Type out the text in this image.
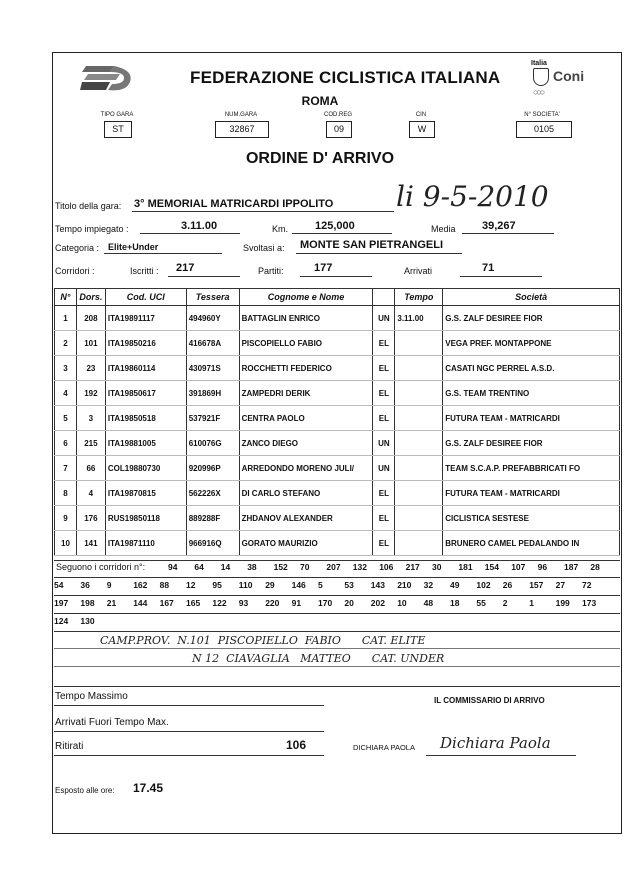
FEDERAZIONE CICLISTICA ITALIANA
ROMA
Italia
Coni
○○○
TIPO GARA
ST
NUM.GARA
32867
COD.REG
09
CIN
W
N° SOCIETA'
0105
ORDINE D' ARRIVO
Titolo della gara: 3° MEMORIAL MATRICARDI IPPOLITO li 9-5-2010
Tempo impiegato :	3.11.00	Km. 125,000	Media 39,267
Categoria : Elite+Under	Svoltasi a: MONTE SAN PIETRANGELI
Corridori :	Iscritti : 217	Partiti:	177	Arrivati	71
N°	Dors.	Cod. UCI	Tessera	Cognome e Nome		Tempo	Società
1	208	ITA19891117	494960Y	BATTAGLIN ENRICO	UN	3.11.00	G.S. ZALF DESIREE FIOR
2	101	ITA19850216	416678A	PISCOPIELLO FABIO	EL		VEGA PREF. MONTAPPONE
3	23	ITA19860114	430971S	ROCCHETTI FEDERICO	EL		CASATI NGC PERREL A.S.D.
4	192	ITA19850617	391869H	ZAMPEDRI DERIK	EL		G.S. TEAM TRENTINO
5	3	ITA19850518	537921F	CENTRA PAOLO	EL		FUTURA TEAM - MATRICARDI
6	215	ITA19881005	610076G	ZANCO DIEGO	UN		G.S. ZALF DESIREE FIOR
7	66	COL19880730	920996P	ARREDONDO MORENO JULI/	UN		TEAM S.C.A.P. PREFABBRICATI FO
8	4	ITA19870815	562226X	DI CARLO STEFANO	EL		FUTURA TEAM - MATRICARDI
9	176	RUS19850118	889288F	ZHDANOV ALEXANDER	EL		CICLISTICA SESTESE
10	141	ITA19871110	966916Q	GORATO MAURIZIO	EL		BRUNERO CAMEL PEDALANDO IN
Seguono i corridori n°:	94 64 14 38 152 70 207 132 106 217 30 181 154 107 96 187 28
54 36 9	162 88 12 95 110 29 146 5	53 143 210 32 49 102 26 157 27 72
197 198 21 144 167 165 122 93 220 91 170 20 202 10 48 18 55 2	1	199 173
124 130
CAMP.PROV.  N.101  PISCOPIELLO  FABIO      CAT. ELITE
N 12  CIAVAGLIA   MATTEO      CAT. UNDER
Tempo Massimo	IL COMMISSARIO DI ARRIVO
Arrivati Fuori Tempo Max.
Ritirati	106	DICHIARA PAOLA Dichiara Paola
Esposto alle ore: 17.45
